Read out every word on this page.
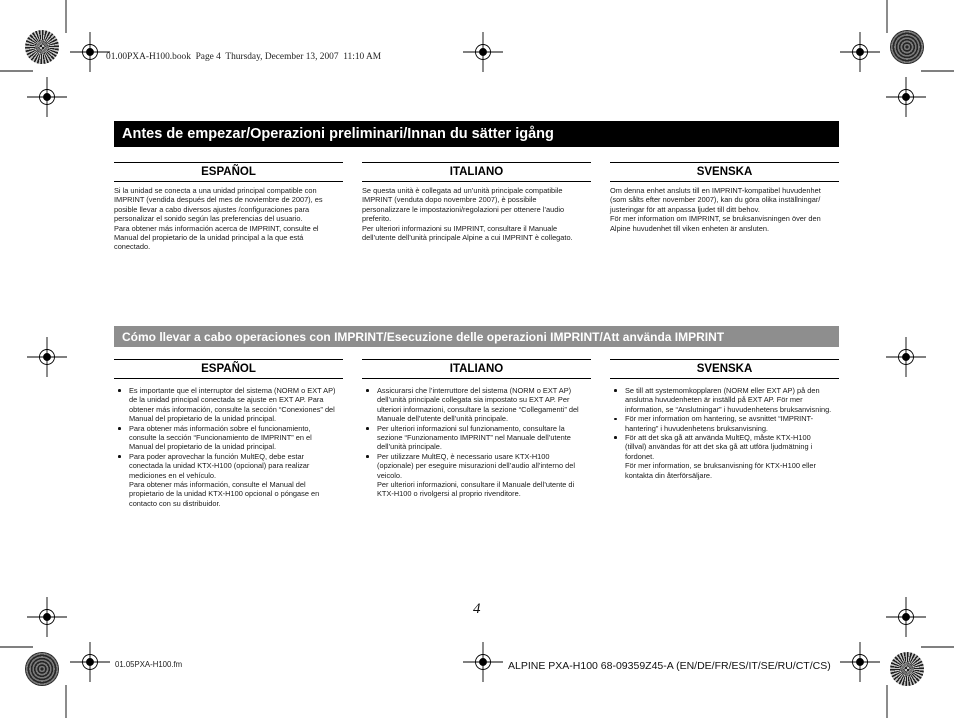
01.00PXA-H100.book  Page 4  Thursday, December 13, 2007  11:10 AM
Antes de empezar/Operazioni preliminari/Innan du sätter igång
ESPAÑOL	ITALIANO	SVENSKA
Si la unidad se conecta a una unidad principal compatible con
IMPRINT (vendida después del mes de noviembre de 2007), es
posible llevar a cabo diversos ajustes /configuraciones para
personalizar el sonido según las preferencias del usuario.
Para obtener más información acerca de IMPRINT, consulte el
Manual del propietario de la unidad principal a la que está
conectado.
Se questa unità è collegata ad un’unità principale compatibile
IMPRINT (venduta dopo novembre 2007), è possibile
personalizzare le impostazioni/regolazioni per ottenere l’audio
preferito.
Per ulteriori informazioni su IMPRINT, consultare il Manuale
dell’utente dell’unità principale Alpine a cui IMPRINT è collegato.
Om denna enhet ansluts till en IMPRINT-kompatibel huvudenhet
(som sålts efter november 2007), kan du göra olika inställningar/
justeringar för att anpassa ljudet till ditt behov.
För mer information om IMPRINT, se bruksanvisningen över den
Alpine huvudenhet till viken enheten är ansluten.
Cómo llevar a cabo operaciones con IMPRINT/Esecuzione delle operazioni IMPRINT/Att använda IMPRINT
ESPAÑOL	ITALIANO	SVENSKA
Es importante que el interruptor del sistema (NORM o EXT AP)
de la unidad principal conectada se ajuste en EXT AP. Para
obtener más información, consulte la sección “Conexiones” del
Manual del propietario de la unidad principal.
Para obtener más información sobre el funcionamiento,
consulte la sección “Funcionamiento de IMPRINT” en el
Manual del propietario de la unidad principal.
Para poder aprovechar la función MultEQ, debe estar
conectada la unidad KTX-H100 (opcional) para realizar
mediciones en el vehículo.
Para obtener más información, consulte el Manual del
propietario de la unidad KTX-H100 opcional o póngase en
contacto con su distribuidor.
Assicurarsi che l’interruttore del sistema (NORM o EXT AP)
dell’unità principale collegata sia impostato su EXT AP. Per
ulteriori informazioni, consultare la sezione “Collegamenti” del
Manuale dell’utente dell’unità principale.
Per ulteriori informazioni sul funzionamento, consultare la
sezione “Funzionamento IMPRINT” nel Manuale dell’utente
dell’unità principale.
Per utilizzare MultEQ, è necessario usare KTX-H100
(opzionale) per eseguire misurazioni dell’audio all’interno del
veicolo.
Per ulteriori informazioni, consultare il Manuale dell’utente di
KTX-H100 o rivolgersi al proprio rivenditore.
Se till att systemomkopplaren (NORM eller EXT AP) på den
anslutna huvudenheten är inställd på EXT AP. För mer
information, se “Anslutningar” i huvudenhetens bruksanvisning.
För mer information om hantering, se avsnittet “IMPRINT-
hantering” i huvudenhetens bruksanvisning.
För att det ska gå att använda MultEQ, måste KTX-H100
(tillval) användas för att det ska gå att utföra ljudmätning i
fordonet.
För mer information, se bruksanvisning för KTX-H100 eller
kontakta din återförsäljare.
4
01.05PXA-H100.fm	ALPINE PXA-H100 68-09359Z45-A (EN/DE/FR/ES/IT/SE/RU/CT/CS)
